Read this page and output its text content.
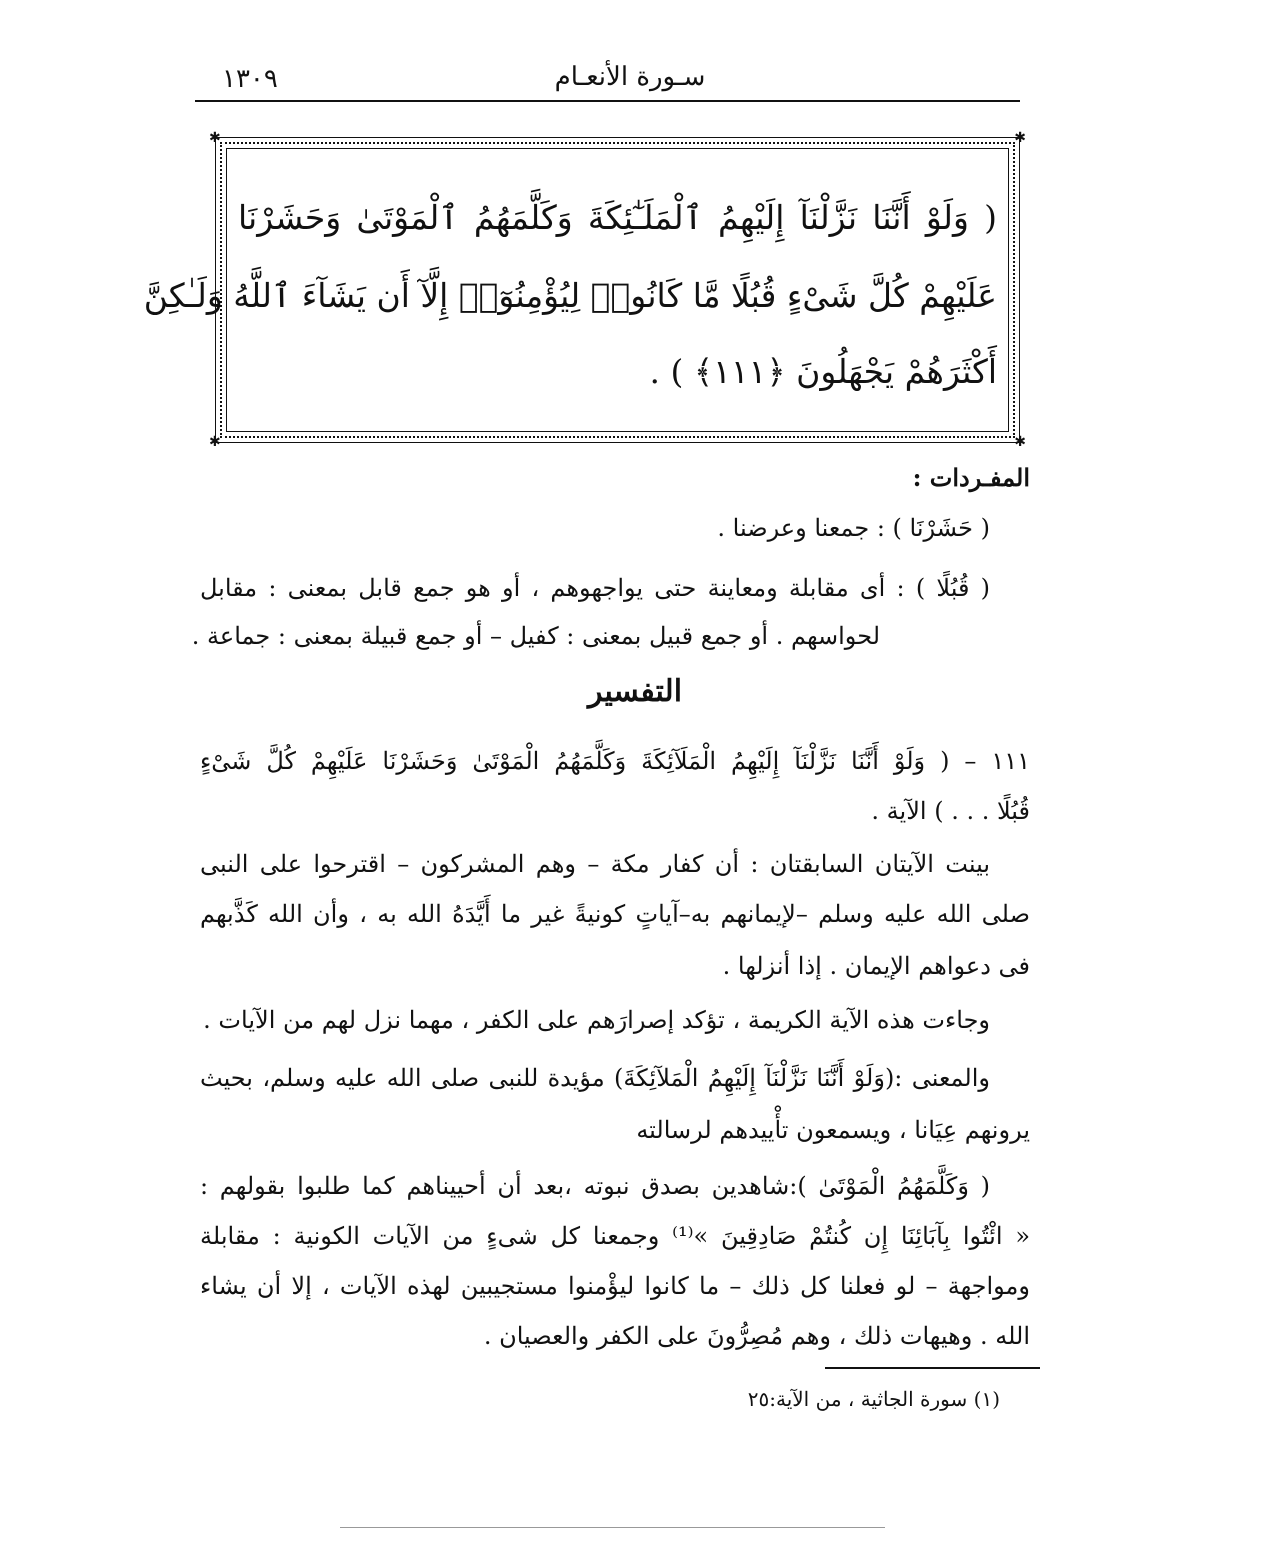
١٣٠٩	سـورة الأنعـام
✱	✱
✱	✱
( وَلَوْ أَنَّنَا نَزَّلْنَآ إِلَيْهِمُ ٱلْمَلَـٰٓئِكَةَ وَكَلَّمَهُمُ ٱلْمَوْتَىٰ وَحَشَرْنَا
عَلَيْهِمْ كُلَّ شَىْءٍ قُبُلًا مَّا كَانُوا۟ لِيُؤْمِنُوٓا۟ إِلَّآ أَن يَشَآءَ ٱللَّهُ وَلَـٰكِنَّ
أَكْثَرَهُمْ يَجْهَلُونَ ﴿١١١﴾ ) .
المفـردات :
( حَشَرْنَا ) : جمعنا وعرضنا .
( قُبُلًا ) : أى مقابلة ومعاينة حتى يواجهوهم ، أو هو جمع قابل بمعنى : مقابل
لحواسهم . أو جمع قبيل بمعنى : كفيل – أو جمع قبيلة بمعنى : جماعة .
التفسير
١١١ – ( وَلَوْ أَنَّنَا نَزَّلْنَآ إِلَيْهِمُ الْمَلَآئِكَةَ وَكَلَّمَهُمُ الْمَوْتَىٰ وَحَشَرْنَا عَلَيْهِمْ كُلَّ شَىْءٍ
قُبُلًا . . . ) الآية .
بينت الآيتان السابقتان : أن كفار مكة – وهم المشركون – اقترحوا على النبى
صلى الله عليه وسلم –لإيمانهم به–آياتٍ كونيةً غير ما أَيَّدَهُ الله به ، وأن الله كَذَّبهم
فى دعواهم الإيمان . إذا أنزلها .
وجاءت هذه الآية الكريمة ، تؤكد إصرارَهم على الكفر ، مهما نزل لهم من الآيات .
والمعنى :(وَلَوْ أَنَّنَا نَزَّلْنَآ إِلَيْهِمُ الْمَلآئِكَةَ) مؤيدة للنبى صلى الله عليه وسلم، بحيث
يرونهم عِيَانا ، ويسمعون تأْييدهم لرسالته
( وَكَلَّمَهُمُ الْمَوْتَىٰ ):شاهدين بصدق نبوته ،بعد أن أحييناهم كما طلبوا بقولهم :
« ائْتُوا بِآبَائِنَا إِن كُنتُمْ صَادِقِينَ »⁽¹⁾ وجمعنا كل شىءٍ من الآيات الكونية : مقابلة
ومواجهة – لو فعلنا كل ذلك – ما كانوا ليؤْمنوا مستجيبين لهذه الآيات ، إلا أن يشاء
الله . وهيهات ذلك ، وهم مُصِرُّونَ على الكفر والعصيان .
(١) سورة الجاثية ، من الآية:٢٥
